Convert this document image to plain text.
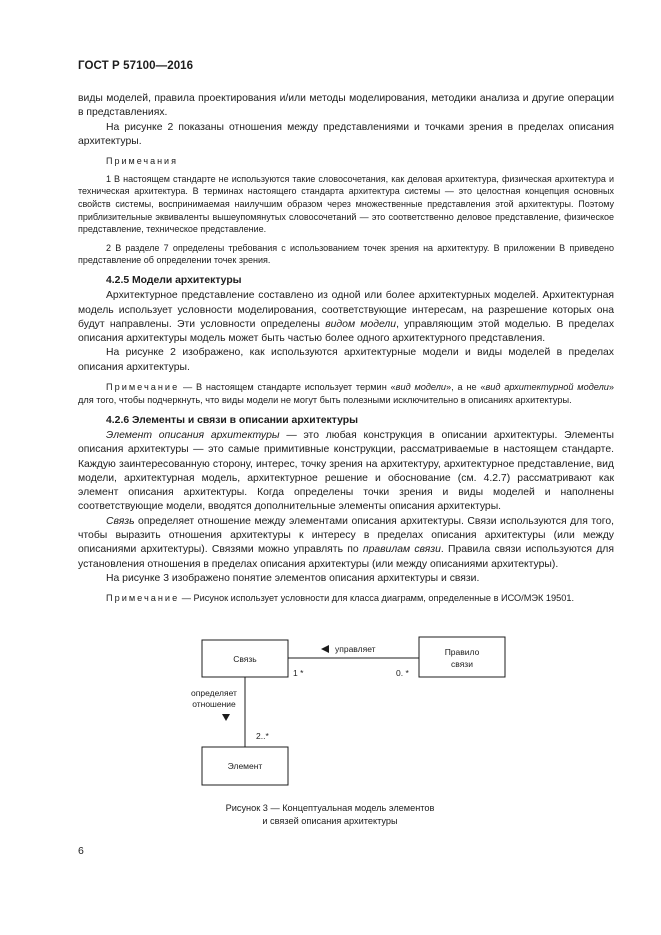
ГОСТ Р 57100—2016

виды моделей, правила проектирования и/или методы моделирования, методики анализа и другие операции в представлениях.

На рисунке 2 показаны отношения между представлениями и точками зрения в пределах описания архитектуры.

Примечания

1 В настоящем стандарте не используются такие словосочетания, как деловая архитектура, физическая архитектура и техническая архитектура. В терминах настоящего стандарта архитектура системы — это целостная концепция основных свойств системы, воспринимаемая наилучшим образом через множественные представления этой архитектуры. Поэтому приблизительные эквиваленты вышеупомянутых словосочетаний — это соответственно деловое представление, физическое представление, техническое представление.

2 В разделе 7 определены требования с использованием точек зрения на архитектуру. В приложении В приведено представление об определении точек зрения.

4.2.5 Модели архитектуры

Архитектурное представление составлено из одной или более архитектурных моделей. Архитектурная модель использует условности моделирования, соответствующие интересам, на разрешение которых она будут направлены. Эти условности определены видом модели, управляющим этой моделью. В пределах описания архитектуры модель может быть частью более одного архитектурного представления.

На рисунке 2 изображено, как используются архитектурные модели и виды моделей в пределах описания архитектуры.

Примечание — В настоящем стандарте использует термин «вид модели», а не «вид архитектурной модели» для того, чтобы подчеркнуть, что виды модели не могут быть полезными исключительно в описаниях архитектуры.

4.2.6 Элементы и связи в описании архитектуры

Элемент описания архитектуры — это любая конструкция в описании архитектуры. Элементы описания архитектуры — это самые примитивные конструкции, рассматриваемые в настоящем стандарте. Каждую заинтересованную сторону, интерес, точку зрения на архитектуру, архитектурное представление, вид модели, архитектурная модель, архитектурное решение и обоснование (см. 4.2.7) рассматривают как элемент описания архитектуры. Когда определены точки зрения и виды моделей и наполнены соответствующие модели, вводятся дополнительные элементы описания архитектуры.

Связь определяет отношение между элементами описания архитектуры. Связи используются для того, чтобы выразить отношения архитектуры к интересу в пределах описания архитектуры (или между описаниями архитектуры). Связями можно управлять по правилам связи. Правила связи используются для установления отношения в пределах описания архитектуры (или между описаниями архитектуры).

На рисунке 3 изображено понятие элементов описания архитектуры и связи.

Примечание — Рисунок использует условности для класса диаграмм, определенные в ИСО/МЭК 19501.

Связь
Правило
связи
управляет
1 *	0. *
определяет
отношение
2..*
Элемент
Рисунок 3 — Концептуальная модель элементов
и связей описания архитектуры
6
